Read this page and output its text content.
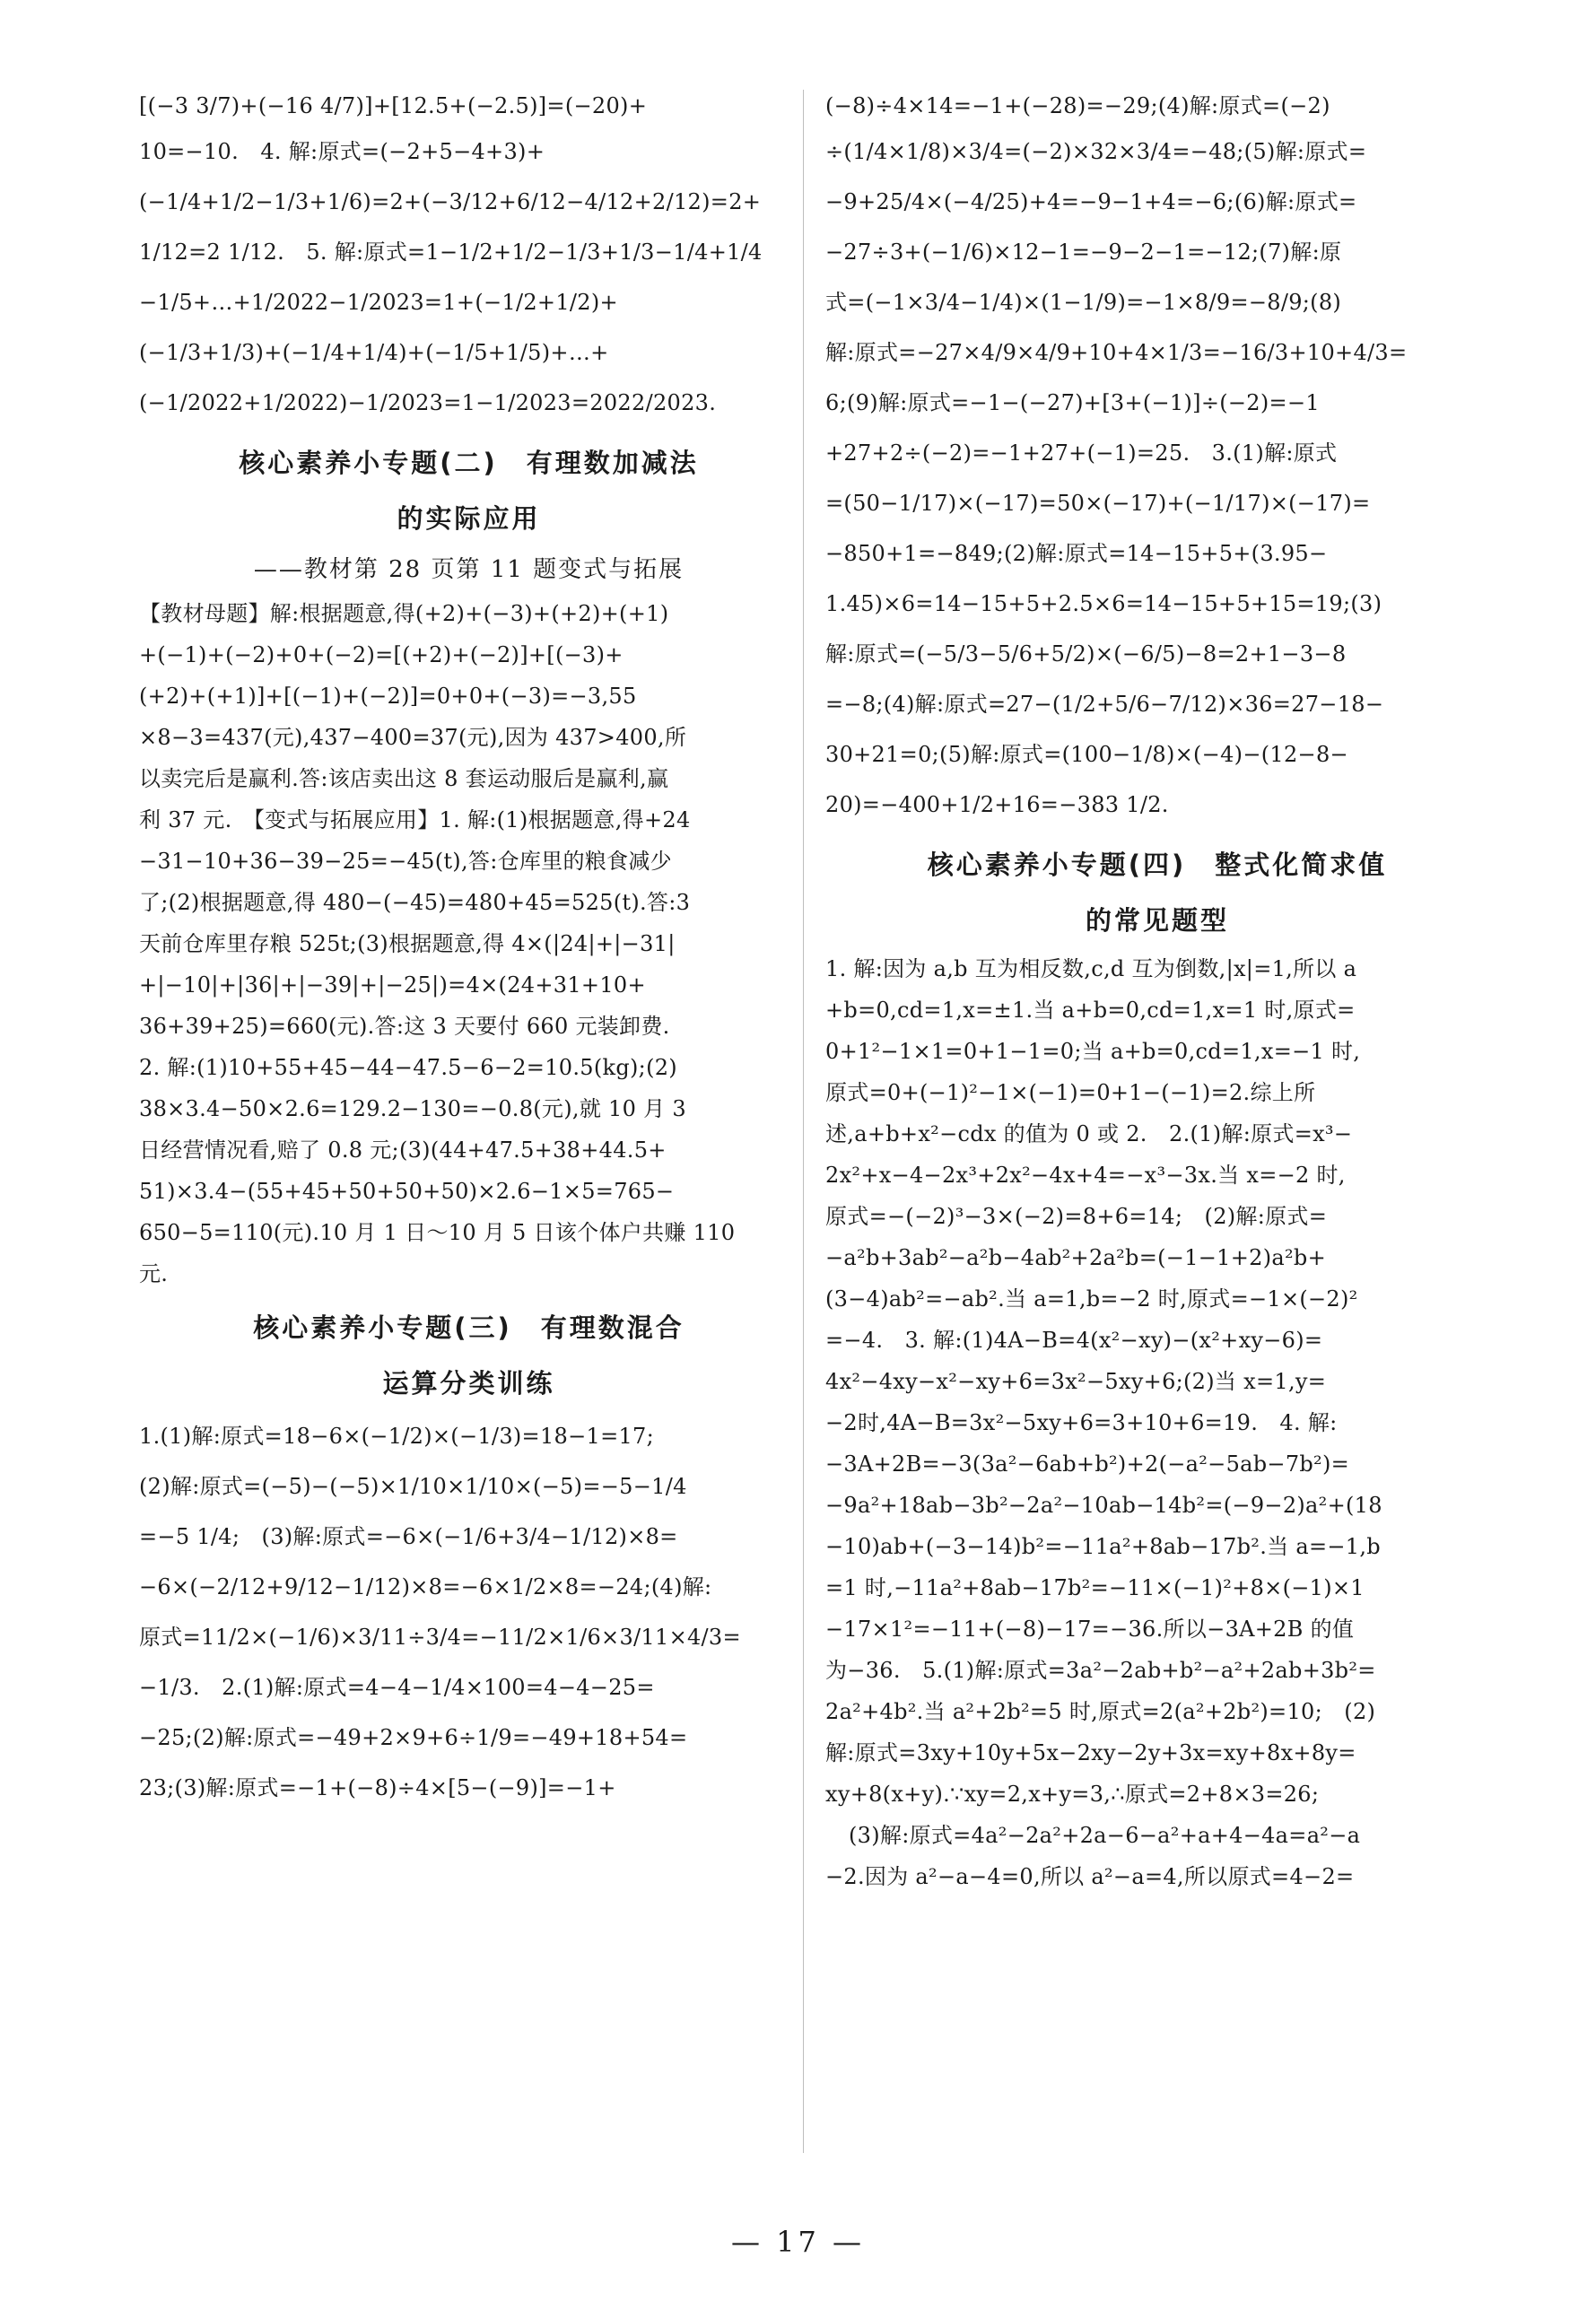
[(−3 3/7)+(−16 4/7)]+[12.5+(−2.5)]=(−20)+
10=−10.　4. 解:原式=(−2+5−4+3)+
(−1/4+1/2−1/3+1/6)=2+(−3/12+6/12−4/12+2/12)=2+
1/12=2 1/12.　5. 解:原式=1−1/2+1/2−1/3+1/3−1/4+1/4
−1/5+…+1/2022−1/2023=1+(−1/2+1/2)+
(−1/3+1/3)+(−1/4+1/4)+(−1/5+1/5)+…+
(−1/2022+1/2022)−1/2023=1−1/2023=2022/2023.
核心素养小专题(二)　有理数加减法
的实际应用
——教材第 28 页第 11 题变式与拓展
【教材母题】解:根据题意,得(+2)+(−3)+(+2)+(+1)
+(−1)+(−2)+0+(−2)=[(+2)+(−2)]+[(−3)+
(+2)+(+1)]+[(−1)+(−2)]=0+0+(−3)=−3,55
×8−3=437(元),437−400=37(元),因为 437>400,所
以卖完后是赢利.答:该店卖出这 8 套运动服后是赢利,赢
利 37 元.　【变式与拓展应用】1. 解:(1)根据题意,得+24
−31−10+36−39−25=−45(t),答:仓库里的粮食减少
了;(2)根据题意,得 480−(−45)=480+45=525(t).答:3
天前仓库里存粮 525t;(3)根据题意,得 4×(|24|+|−31|
+|−10|+|36|+|−39|+|−25|)=4×(24+31+10+
36+39+25)=660(元).答:这 3 天要付 660 元装卸费.
2. 解:(1)10+55+45−44−47.5−6−2=10.5(kg);(2)
38×3.4−50×2.6=129.2−130=−0.8(元),就 10 月 3
日经营情况看,赔了 0.8 元;(3)(44+47.5+38+44.5+
51)×3.4−(55+45+50+50+50)×2.6−1×5=765−
650−5=110(元).10 月 1 日～10 月 5 日该个体户共赚 110
元.
核心素养小专题(三)　有理数混合
运算分类训练
1.(1)解:原式=18−6×(−1/2)×(−1/3)=18−1=17;
(2)解:原式=(−5)−(−5)×1/10×1/10×(−5)=−5−1/4
=−5 1/4;　(3)解:原式=−6×(−1/6+3/4−1/12)×8=
−6×(−2/12+9/12−1/12)×8=−6×1/2×8=−24;(4)解:
原式=11/2×(−1/6)×3/11÷3/4=−11/2×1/6×3/11×4/3=
−1/3.　2.(1)解:原式=4−4−1/4×100=4−4−25=
−25;(2)解:原式=−49+2×9+6÷1/9=−49+18+54=
23;(3)解:原式=−1+(−8)÷4×[5−(−9)]=−1+
(−8)÷4×14=−1+(−28)=−29;(4)解:原式=(−2)
÷(1/4×1/8)×3/4=(−2)×32×3/4=−48;(5)解:原式=
−9+25/4×(−4/25)+4=−9−1+4=−6;(6)解:原式=
−27÷3+(−1/6)×12−1=−9−2−1=−12;(7)解:原
式=(−1×3/4−1/4)×(1−1/9)=−1×8/9=−8/9;(8)
解:原式=−27×4/9×4/9+10+4×1/3=−16/3+10+4/3=
6;(9)解:原式=−1−(−27)+[3+(−1)]÷(−2)=−1
+27+2÷(−2)=−1+27+(−1)=25.　3.(1)解:原式
=(50−1/17)×(−17)=50×(−17)+(−1/17)×(−17)=
−850+1=−849;(2)解:原式=14−15+5+(3.95−
1.45)×6=14−15+5+2.5×6=14−15+5+15=19;(3)
解:原式=(−5/3−5/6+5/2)×(−6/5)−8=2+1−3−8
=−8;(4)解:原式=27−(1/2+5/6−7/12)×36=27−18−
30+21=0;(5)解:原式=(100−1/8)×(−4)−(12−8−
20)=−400+1/2+16=−383 1/2.
核心素养小专题(四)　整式化简求值
的常见题型
1. 解:因为 a,b 互为相反数,c,d 互为倒数,|x|=1,所以 a
+b=0,cd=1,x=±1.当 a+b=0,cd=1,x=1 时,原式=
0+1²−1×1=0+1−1=0;当 a+b=0,cd=1,x=−1 时,
原式=0+(−1)²−1×(−1)=0+1−(−1)=2.综上所
述,a+b+x²−cdx 的值为 0 或 2.　2.(1)解:原式=x³−
2x²+x−4−2x³+2x²−4x+4=−x³−3x.当 x=−2 时,
原式=−(−2)³−3×(−2)=8+6=14;　(2)解:原式=
−a²b+3ab²−a²b−4ab²+2a²b=(−1−1+2)a²b+
(3−4)ab²=−ab².当 a=1,b=−2 时,原式=−1×(−2)²
=−4.　3. 解:(1)4A−B=4(x²−xy)−(x²+xy−6)=
4x²−4xy−x²−xy+6=3x²−5xy+6;(2)当 x=1,y=
−2时,4A−B=3x²−5xy+6=3+10+6=19.　4. 解:
−3A+2B=−3(3a²−6ab+b²)+2(−a²−5ab−7b²)=
−9a²+18ab−3b²−2a²−10ab−14b²=(−9−2)a²+(18
−10)ab+(−3−14)b²=−11a²+8ab−17b².当 a=−1,b
=1 时,−11a²+8ab−17b²=−11×(−1)²+8×(−1)×1
−17×1²=−11+(−8)−17=−36.所以−3A+2B 的值
为−36.　5.(1)解:原式=3a²−2ab+b²−a²+2ab+3b²=
2a²+4b².当 a²+2b²=5 时,原式=2(a²+2b²)=10;　(2)
解:原式=3xy+10y+5x−2xy−2y+3x=xy+8x+8y=
xy+8(x+y).∵xy=2,x+y=3,∴原式=2+8×3=26;
(3)解:原式=4a²−2a²+2a−6−a²+a+4−4a=a²−a
−2.因为 a²−a−4=0,所以 a²−a=4,所以原式=4−2=
— 17 —
